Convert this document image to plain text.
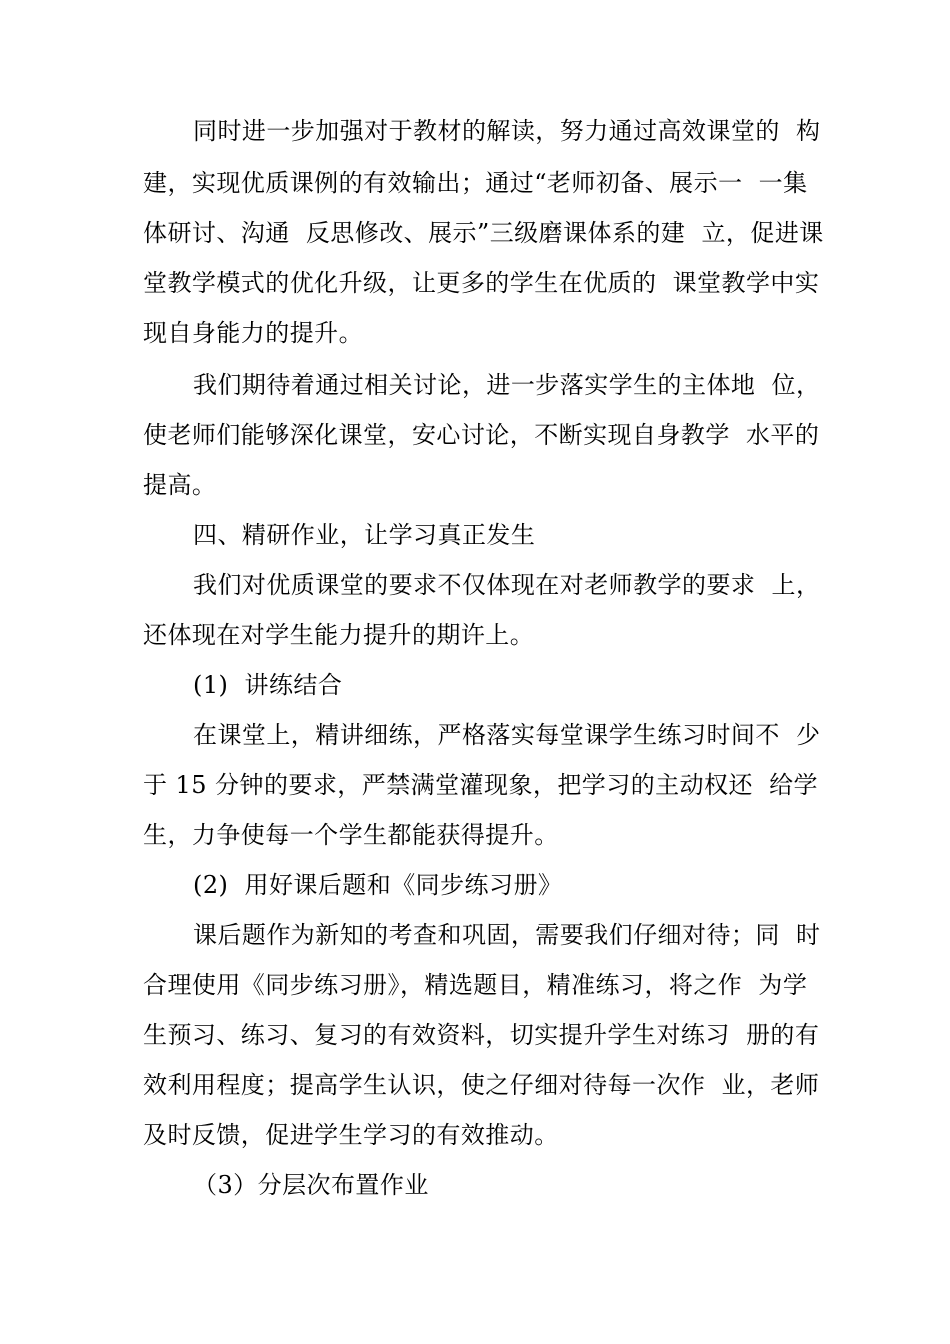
同时进一步加强对于教材的解读，努力通过高效课堂的  构
建，实现优质课例的有效输出；通过“老师初备、展示一  一集
体研讨、沟通  反思修改、展示”三级磨课体系的建  立，促进课
堂教学模式的优化升级，让更多的学生在优质的  课堂教学中实
现自身能力的提升。
我们期待着通过相关讨论，进一步落实学生的主体地  位，
使老师们能够深化课堂，安心讨论，不断实现自身教学  水平的
提高。
四、精研作业，让学习真正发生
我们对优质课堂的要求不仅体现在对老师教学的要求  上，
还体现在对学生能力提升的期许上。
(1)  讲练结合
在课堂上，精讲细练，严格落实每堂课学生练习时间不  少
于 15 分钟的要求，严禁满堂灌现象，把学习的主动权还  给学
生，力争使每一个学生都能获得提升。
(2)  用好课后题和《同步练习册》
课后题作为新知的考查和巩固，需要我们仔细对待；同  时
合理使用《同步练习册》，精选题目，精准练习，将之作  为学
生预习、练习、复习的有效资料，切实提升学生对练习  册的有
效利用程度；提高学生认识，使之仔细对待每一次作  业，老师
及时反馈，促进学生学习的有效推动。
（3）分层次布置作业
